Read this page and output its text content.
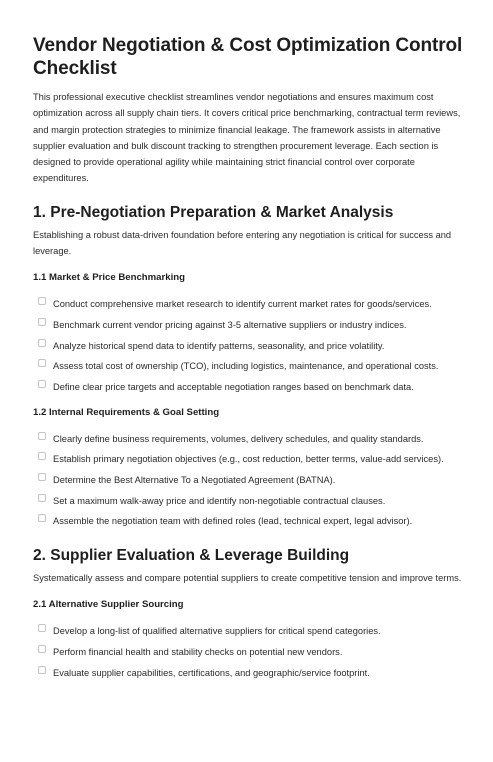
Vendor Negotiation & Cost Optimization Control Checklist

This professional executive checklist streamlines vendor negotiations and ensures maximum cost optimization across all supply chain tiers. It covers critical price benchmarking, contractual term reviews, and margin protection strategies to minimize financial leakage. The framework assists in alternative supplier evaluation and bulk discount tracking to strengthen procurement leverage. Each section is designed to provide operational agility while maintaining strict financial control over corporate expenditures.

1. Pre-Negotiation Preparation & Market Analysis

Establishing a robust data-driven foundation before entering any negotiation is critical for success and leverage.

1.1 Market & Price Benchmarking
Conduct comprehensive market research to identify current market rates for goods/services.
Benchmark current vendor pricing against 3-5 alternative suppliers or industry indices.
Analyze historical spend data to identify patterns, seasonality, and price volatility.
Assess total cost of ownership (TCO), including logistics, maintenance, and operational costs.
Define clear price targets and acceptable negotiation ranges based on benchmark data.
1.2 Internal Requirements & Goal Setting
Clearly define business requirements, volumes, delivery schedules, and quality standards.
Establish primary negotiation objectives (e.g., cost reduction, better terms, value-add services).
Determine the Best Alternative To a Negotiated Agreement (BATNA).
Set a maximum walk-away price and identify non-negotiable contractual clauses.
Assemble the negotiation team with defined roles (lead, technical expert, legal advisor).
2. Supplier Evaluation & Leverage Building

Systematically assess and compare potential suppliers to create competitive tension and improve terms.

2.1 Alternative Supplier Sourcing
Develop a long-list of qualified alternative suppliers for critical spend categories.
Perform financial health and stability checks on potential new vendors.
Evaluate supplier capabilities, certifications, and geographic/service footprint.
